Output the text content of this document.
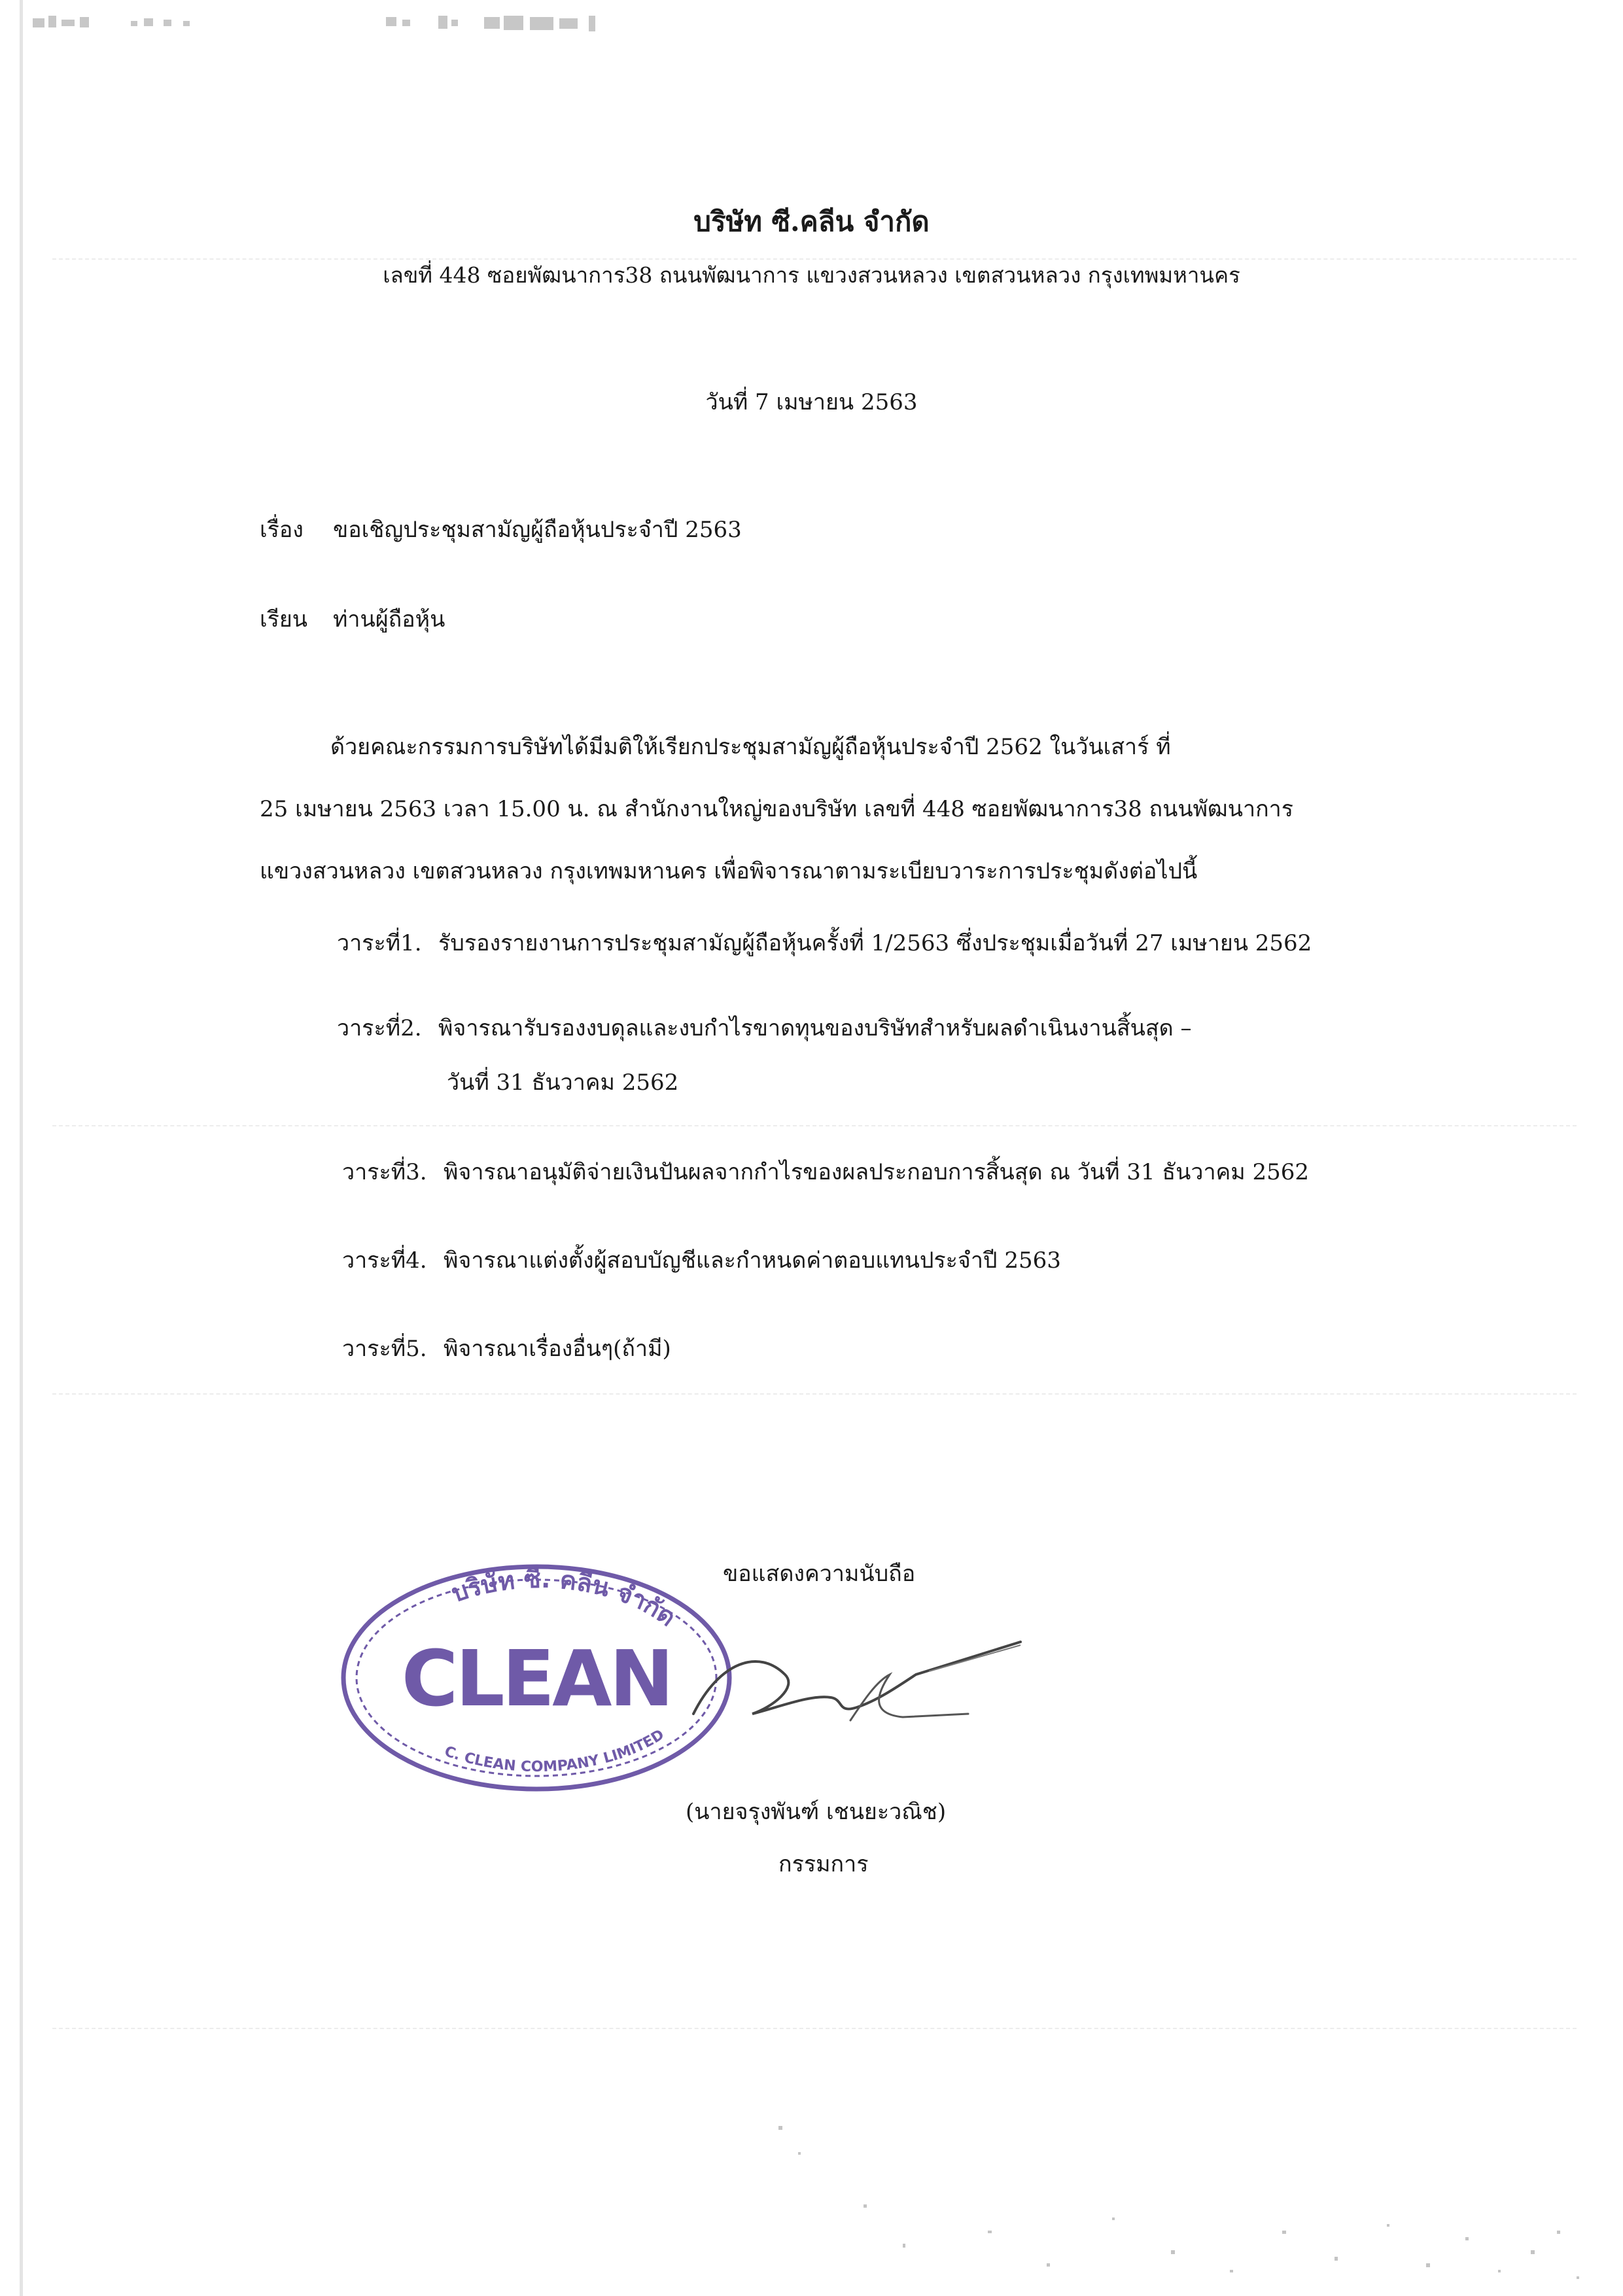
บริษัท ซี.คลีน จำกัด
เลขที่ 448 ซอยพัฒนาการ38 ถนนพัฒนาการ แขวงสวนหลวง เขตสวนหลวง กรุงเทพมหานคร
วันที่ 7 เมษายน 2563
เรื่อง ขอเชิญประชุมสามัญผู้ถือหุ้นประจำปี 2563
เรียน ท่านผู้ถือหุ้น
ด้วยคณะกรรมการบริษัทได้มีมติให้เรียกประชุมสามัญผู้ถือหุ้นประจำปี 2562 ในวันเสาร์ ที่
25 เมษายน 2563 เวลา 15.00 น. ณ สำนักงานใหญ่ของบริษัท เลขที่ 448 ซอยพัฒนาการ38 ถนนพัฒนาการ
แขวงสวนหลวง เขตสวนหลวง กรุงเทพมหานคร เพื่อพิจารณาตามระเบียบวาระการประชุมดังต่อไปนี้
วาระที่1. รับรองรายงานการประชุมสามัญผู้ถือหุ้นครั้งที่ 1/2563 ซึ่งประชุมเมื่อวันที่ 27 เมษายน 2562
วาระที่2. พิจารณารับรองงบดุลและงบกำไรขาดทุนของบริษัทสำหรับผลดำเนินงานสิ้นสุด –
วันที่ 31 ธันวาคม 2562
วาระที่3. พิจารณาอนุมัติจ่ายเงินปันผลจากกำไรของผลประกอบการสิ้นสุด ณ วันที่ 31 ธันวาคม 2562
วาระที่4. พิจารณาแต่งตั้งผู้สอบบัญชีและกำหนดค่าตอบแทนประจำปี 2563
วาระที่5. พิจารณาเรื่องอื่นๆ(ถ้ามี)
ขอแสดงความนับถือ
บริษัท ซี. คลีน จำกัด
CLEAN
C. CLEAN COMPANY LIMITED
(นายจรุงพันฑ์ เชนยะวณิช)
กรรมการ
